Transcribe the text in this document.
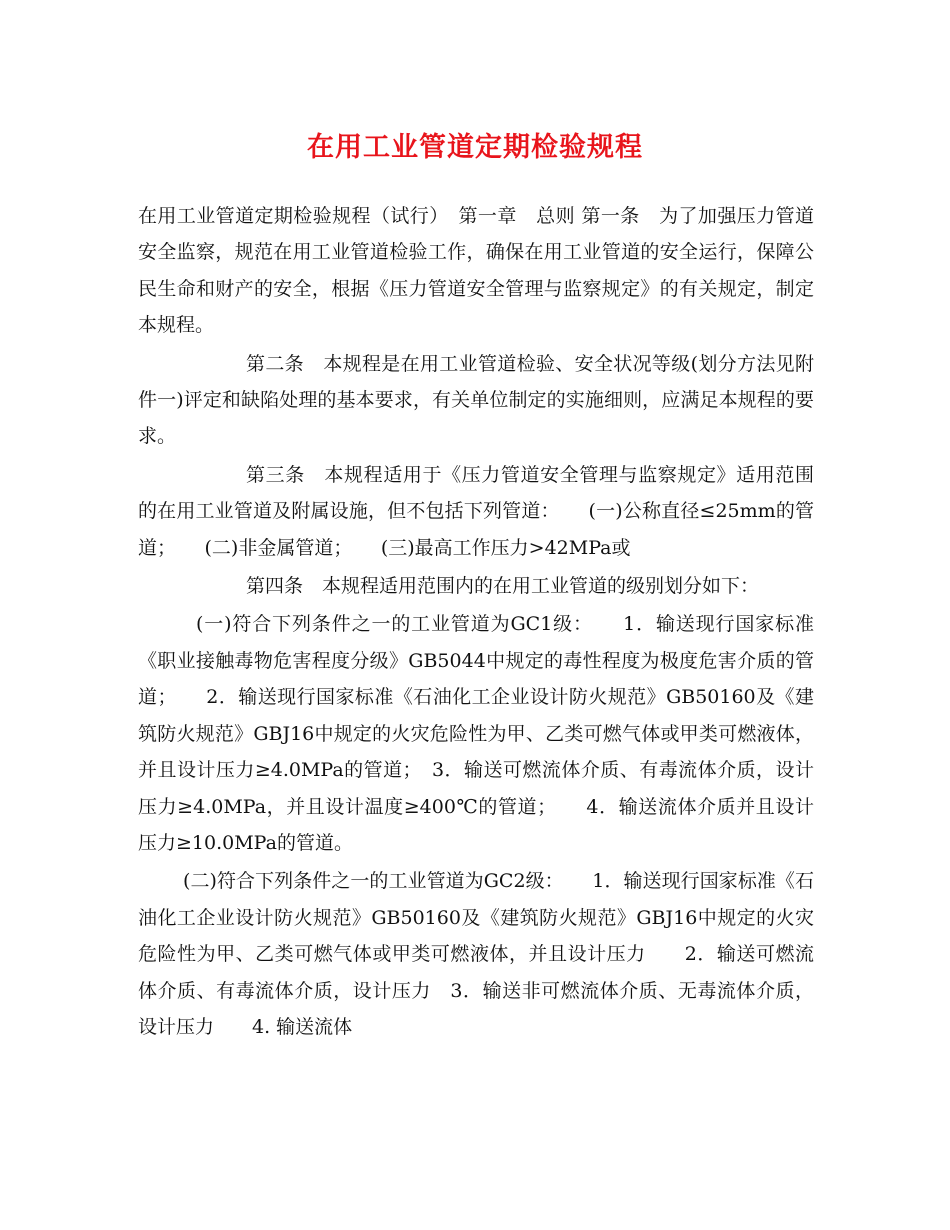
在用工业管道定期检验规程

在用工业管道定期检验规程（试行）　第一章　总则 第一条　为了加强压力管道安全监察，规范在用工业管道检验工作，确保在用工业管道的安全运行，保障公民生命和财产的安全，根据《压力管道安全管理与监察规定》的有关规定，制定本规程。

第二条　本规程是在用工业管道检验、安全状况等级(划分方法见附件一)评定和缺陷处理的基本要求，有关单位制定的实施细则，应满足本规程的要求。

第三条　本规程适用于《压力管道安全管理与监察规定》适用范围的在用工业管道及附属设施，但不包括下列管道：　　(一)公称直径≤25mm的管道；　　(二)非金属管道；　　(三)最高工作压力>42MPa或

第四条　本规程适用范围内的在用工业管道的级别划分如下：

(一)符合下列条件之一的工业管道为GC1级：　　1．输送现行国家标准《职业接触毒物危害程度分级》GB5044中规定的毒性程度为极度危害介质的管道；　　2．输送现行国家标准《石油化工企业设计防火规范》GB50160及《建筑防火规范》GBJ16中规定的火灾危险性为甲、乙类可燃气体或甲类可燃液体，并且设计压力≥4.0MPa的管道；　3．输送可燃流体介质、有毒流体介质，设计压力≥4.0MPa，并且设计温度≥400℃的管道；　　4．输送流体介质并且设计压力≥10.0MPa的管道。

(二)符合下列条件之一的工业管道为GC2级：　　1．输送现行国家标准《石油化工企业设计防火规范》GB50160及《建筑防火规范》GBJ16中规定的火灾危险性为甲、乙类可燃气体或甲类可燃液体，并且设计压力　　2．输送可燃流体介质、有毒流体介质，设计压力　3．输送非可燃流体介质、无毒流体介质，设计压力　　4. 输送流体
